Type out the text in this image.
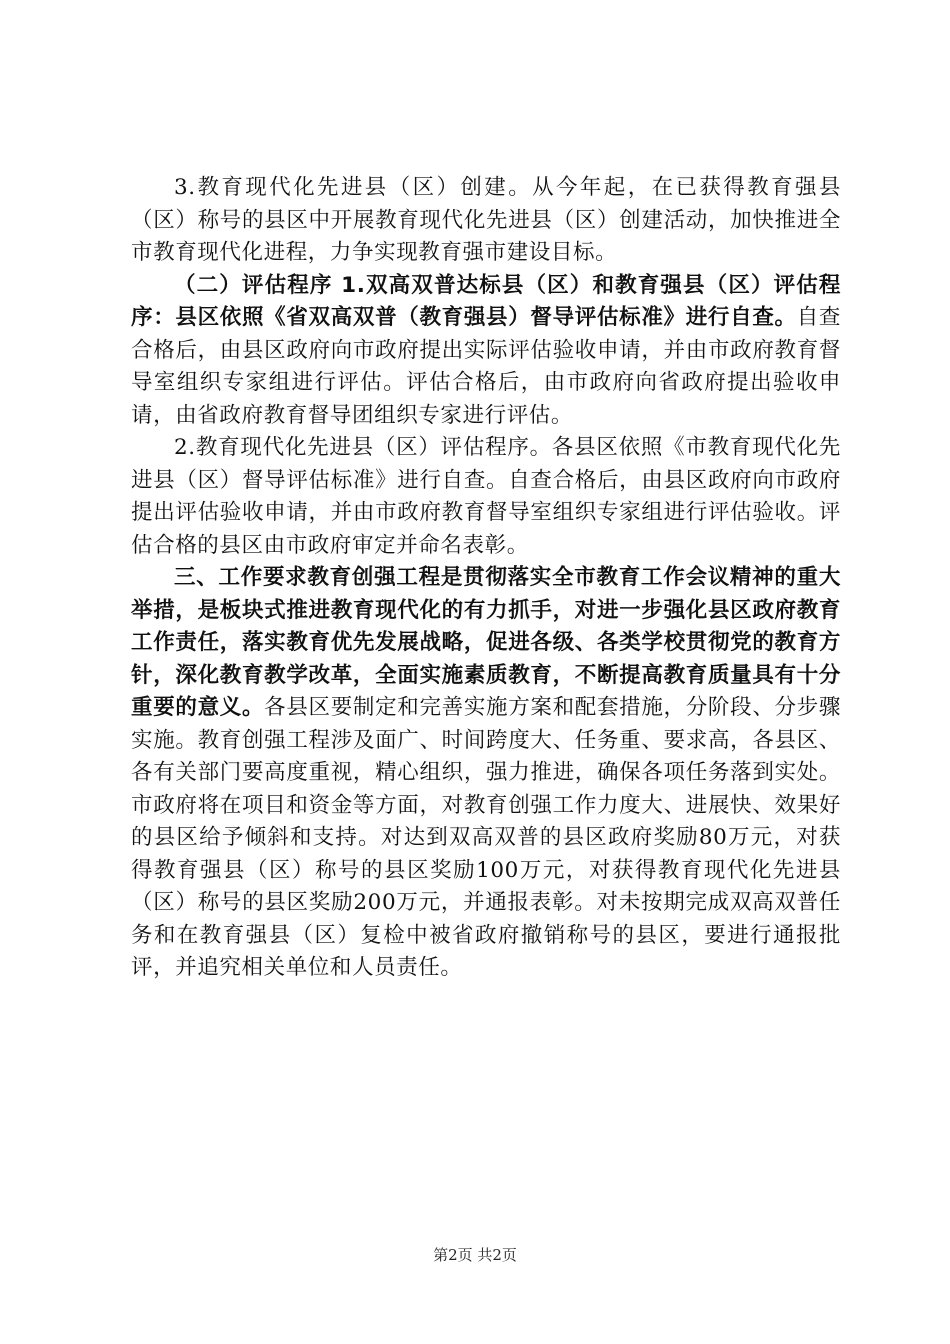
3.教育现代化先进县（区）创建。从今年起，在已获得教育强县（区）称号的县区中开展教育现代化先进县（区）创建活动，加快推进全市教育现代化进程，力争实现教育强市建设目标。

（二）评估程序 1.双高双普达标县（区）和教育强县（区）评估程序：县区依照《省双高双普（教育强县）督导评估标准》进行自查。自查合格后，由县区政府向市政府提出实际评估验收申请，并由市政府教育督导室组织专家组进行评估。评估合格后，由市政府向省政府提出验收申请，由省政府教育督导团组织专家进行评估。

2.教育现代化先进县（区）评估程序。各县区依照《市教育现代化先进县（区）督导评估标准》进行自查。自查合格后，由县区政府向市政府提出评估验收申请，并由市政府教育督导室组织专家组进行评估验收。评估合格的县区由市政府审定并命名表彰。

三、工作要求教育创强工程是贯彻落实全市教育工作会议精神的重大举措，是板块式推进教育现代化的有力抓手，对进一步强化县区政府教育工作责任，落实教育优先发展战略，促进各级、各类学校贯彻党的教育方针，深化教育教学改革，全面实施素质教育，不断提高教育质量具有十分重要的意义。各县区要制定和完善实施方案和配套措施，分阶段、分步骤实施。教育创强工程涉及面广、时间跨度大、任务重、要求高，各县区、各有关部门要高度重视，精心组织，强力推进，确保各项任务落到实处。市政府将在项目和资金等方面，对教育创强工作力度大、进展快、效果好的县区给予倾斜和支持。对达到双高双普的县区政府奖励80万元，对获得教育强县（区）称号的县区奖励100万元，对获得教育现代化先进县（区）称号的县区奖励200万元，并通报表彰。对未按期完成双高双普任务和在教育强县（区）复检中被省政府撤销称号的县区，要进行通报批评，并追究相关单位和人员责任。

第2页 共2页
